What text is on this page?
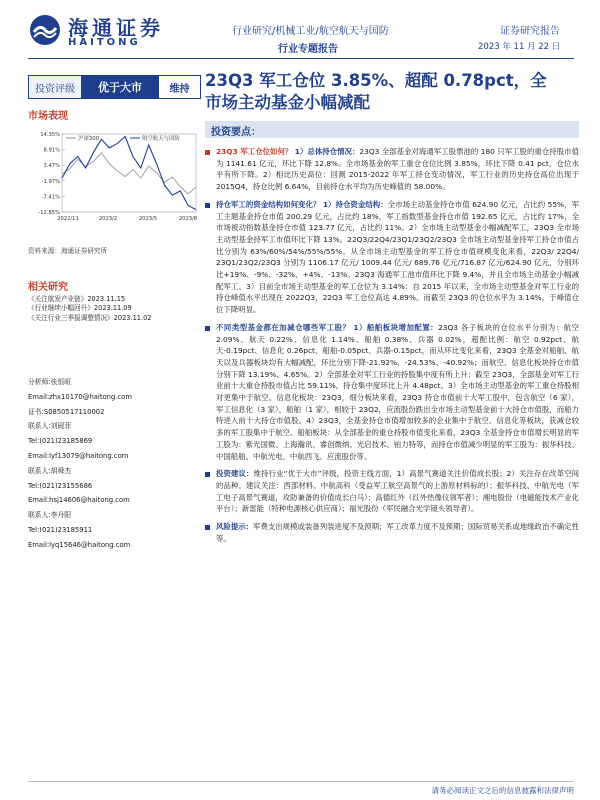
海通证券
HAITONG
行业研究/机械工业/航空航天与国防
行业专题报告
证券研究报告
2023 年 11 月 22 日
投资评级	优于大市	维持 23Q3 军工仓位 3.85%、超配 0.78pct，全
市场主动基金小幅减配
市场表现
14.35%
8.91%
3.47%
-1.97%
-7.41%
-12.85%
2022/11	2023/2	2023/5	2023/8
沪深300	航空航天与国防
资料来源：海通证券研究所
相关研究
《关注航发产业链》2023.11.15
《行业继续小幅回升》2023.11.09
《关注行业三季报调整情况》2023.11.02
分析师:张恒晅
Email:zhx10170@haitong.com
证书:S0850517110002
联系人:刘砚菲
Tel:(021)23185869
Email:lyf13079@haitong.com
联系人:胡舜杰
Tel:(021)23155686
Email:hsj14606@haitong.com
联系人:李丹阳
Tel:(021)23185911
Email:lyq15646@haitong.com
投资要点：
23Q3 军工仓位如何？ 1）总体持仓情况：23Q3 全部基金对海通军工股票池的 180 只军工股的重仓持股市值为 1141.61 亿元，环比下降 12.8%。全市场基金的军工重仓仓位比例 3.85%，环比下降 0.41 pct，仓位水平有所下降。2）相比历史高位：回测 2015-2022 年军工持仓变动情况，军工行业的历史持仓高位出现于 2015Q4，持仓比例 6.64%，目前持仓水平均为历史峰值的 58.00%。
持仓军工的资金结构如何变化？ 1）持仓资金结构：全市场主动基金持仓市值 624.90 亿元，占比约 55%，军工主题基金持仓市值 200.29 亿元，占比约 18%，军工指数型基金持仓市值 192.65 亿元，占比约 17%，全市场被动指数基金持仓市值 123.77 亿元，占比约 11%。2）全市场主动型基金小幅减配军工，23Q3 全市场主动型基金持军工市值环比下降 13%。22Q3/22Q4/23Q1/23Q2/23Q3 全市场主动型基金持军工持仓市值占比分别为 63%/60%/54%/55%/55%。从全市场主动型基金的军工持仓市值规模变化来看，22Q3/ 22Q4/ 23Q1/23Q2/23Q3 分别为 1106.17 亿元/ 1009.44 亿元/ 689.76 亿元/716.87 亿元/624.90 亿元，分别环比+19%、-9%、-32%、+4%、-13%。23Q3 海通军工池市值环比下降 9.4%，并且全市场主动基金小幅减配军工。3）目前全市场主动型基金的军工仓位为 3.14%：自 2015 年以来，全市场主动型基金对军工行业的持仓峰值水平出现在 2022Q3，22Q3 军工仓位高达 4.89%。而截至 23Q3 的仓位水平为 3.14%，于峰值仓位下降明显。
不同类型基金都在加减仓哪些军工股？ 1）船舶板块增加配置：23Q3 各子板块的仓位水平分别为：航空 2.09%、航天 0.22%、信息化 1.14%、船舶 0.38%、兵器 0.02%，超配比例：航空 0.92pct、航天-0.19pct、信息化 0.26pct、船舶-0.05pct、兵器-0.15pct，而从环比变化来看，23Q3 全基金对船舶、航天以及兵器板块均有大幅减配，环比分别下降-21.92%、-24.53%、-40.92%；而航空、信息化板块持仓市值分别下降 13.19%、4.65%。2）全部基金对军工行业的持股集中度有所上升：截至 23Q3，全部基金对军工行业前十大重仓持股市值占比 59.11%，持仓集中度环比上升 4.48pct。3）全市场主动型基金的军工重仓持股相对更集中于航空、信息化板块：23Q3，细分板块来看，23Q3 持仓市值前十大军工股中，包含航空（6 家），军工信息化（3 家），船舶（1 家），相较于 23Q2，应流股份跌出全市场主动型基金前十大持仓市值股，而船力特进入前十大持仓市值股。4）23Q3，全基金持仓市值增加较多的企业集中于航空、信息化等板块，获减仓较多的军工股集中于航空、船舶板块：从全部基金的重仓持股市值变化来看，23Q3 全基金持仓市值增长明显的军工股为：紫光国微、上海瀚讯、睿创微纳、光启技术、铂力特等，而持仓市值减少明显的军工股为：振华科技、中国船舶、中航光电、中航西飞、应流股份等。
投资建议：维持行业“优于大市”评级，投资主线方面，1）高景气赛道关注价值成长股；2）关注存在改革空间的品种。建议关注：西部材料、中航高科（受益军工航空高景气的上游原材料标的）；振华科技、中航光电（军工电子高景气赛道，攻防兼备的价值成长白马）；高德红外（红外热像仪领军者）；湘电股份（电磁能技术产业化平台）；新雷能（特种电源核心供应商）；福光股份（军民融合光学镜头领导者）。
风险提示：军费支出规模或装备列装进度不及预期；军工改革力度不及预期；国际贸易关系或地缘政治不确定性等。
请务必阅读正文之后的信息披露和法律声明
